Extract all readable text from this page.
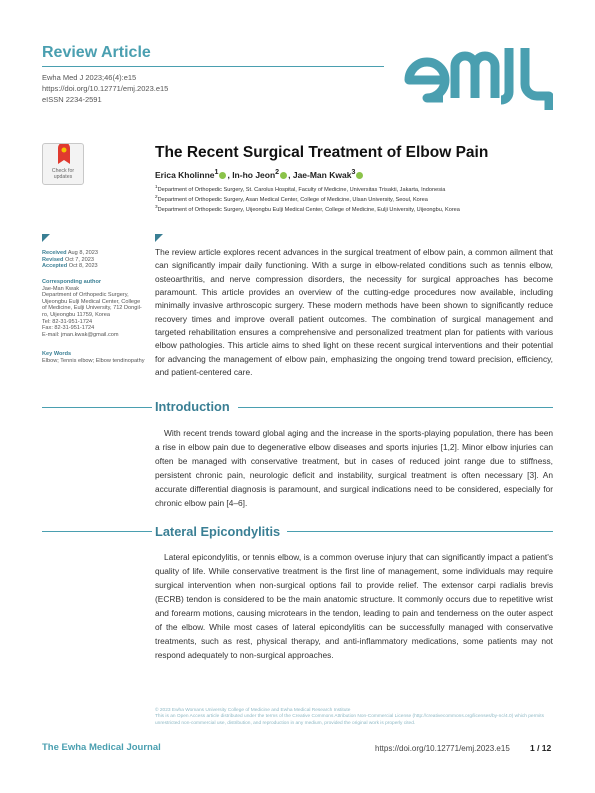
Review Article
Ewha Med J 2023;46(4):e15
https://doi.org/10.12771/emj.2023.e15
eISSN 2234-2591
Check for
updates
The Recent Surgical Treatment of Elbow Pain
Erica Kholinne$^1$ , In-ho Jeon$^2$ , Jae-Man Kwak$^3$
$^1$Department of Orthopedic Surgery, St. Carolus Hospital, Faculty of Medicine, Universitas Trisakti, Jakarta, Indonesia
$^2$Department of Orthopedic Surgery, Asan Medical Center, College of Medicine, Ulsan University, Seoul, Korea
$^3$Department of Orthopedic Surgery, Uijeongbu Eulji Medical Center, College of Medicine, Eulji University, Uijeongbu, Korea
Received Aug 8, 2023
Revised Oct 7, 2023
Accepted Oct 8, 2023
Corresponding author
Jae-Man Kwak
Department of Orthopedic Surgery, Uijeongbu Eulji Medical Center, College of Medicine, Eulji University, 712 Dongil-ro, Uijeongbu 11759, Korea
Tel: 82-31-951-1724
Fax: 82-31-951-1724
E-mail: jman.kwak@gmail.com
Key Words
Elbow; Tennis elbow; Elbow tendinopathy
The review article explores recent advances in the surgical treatment of elbow pain, a common ailment that can significantly impair daily functioning. With a surge in elbow-related conditions such as tennis elbow, osteoarthritis, and nerve compression disorders, the necessity for surgical approaches has become paramount. This article provides an overview of the cutting-edge procedures now available, including minimally invasive arthroscopic surgery. These modern methods have been shown to significantly reduce recovery times and improve overall patient outcomes. The combination of surgical management and targeted rehabilitation ensures a comprehensive and personalized treatment plan for patients with various elbow pathologies. This article aims to shed light on these recent surgical interventions and their potential for advancing the management of elbow pain, emphasizing the ongoing trend toward precision, efficiency, and patient-centered care.
Introduction
With recent trends toward global aging and the increase in the sports-playing population, there has been a rise in elbow pain due to degenerative elbow diseases and sports injuries [1,2]. Minor elbow injuries can often be managed with conservative treatment, but in cases of reduced joint range due to stiffness, persistent chronic pain, neurologic deficit and instability, surgical treatment is often necessary [3]. An accurate differential diagnosis is paramount, and surgical indications need to be considered, especially for chronic elbow pain [4–6].
Lateral Epicondylitis
Lateral epicondylitis, or tennis elbow, is a common overuse injury that can significantly impact a patient's quality of life. While conservative treatment is the first line of management, some individuals may require surgical intervention when non-surgical options fail to provide relief. The extensor carpi radialis brevis (ECRB) tendon is considered to be the main anatomic structure. It commonly occurs due to repetitive wrist and forearm motions, causing microtears in the tendon, leading to pain and tenderness on the outer aspect of the elbow. While most cases of lateral epicondylitis can be successfully managed with conservative treatments, such as rest, physical therapy, and anti-inflammatory medications, some patients may not respond adequately to non-surgical approaches.
© 2023 Ewha Womans University College of Medicine and Ewha Medical Research Institute
This is an Open Access article distributed under the terms of the Creative Commons Attribution Non-Commercial License (http://creativecommons.org/licenses/by-nc/4.0) which permits unrestricted non-commercial use, distribution, and reproduction in any medium, provided the original work is properly cited.
The Ewha Medical Journal	https://doi.org/10.12771/emj.2023.e15 1 / 12
